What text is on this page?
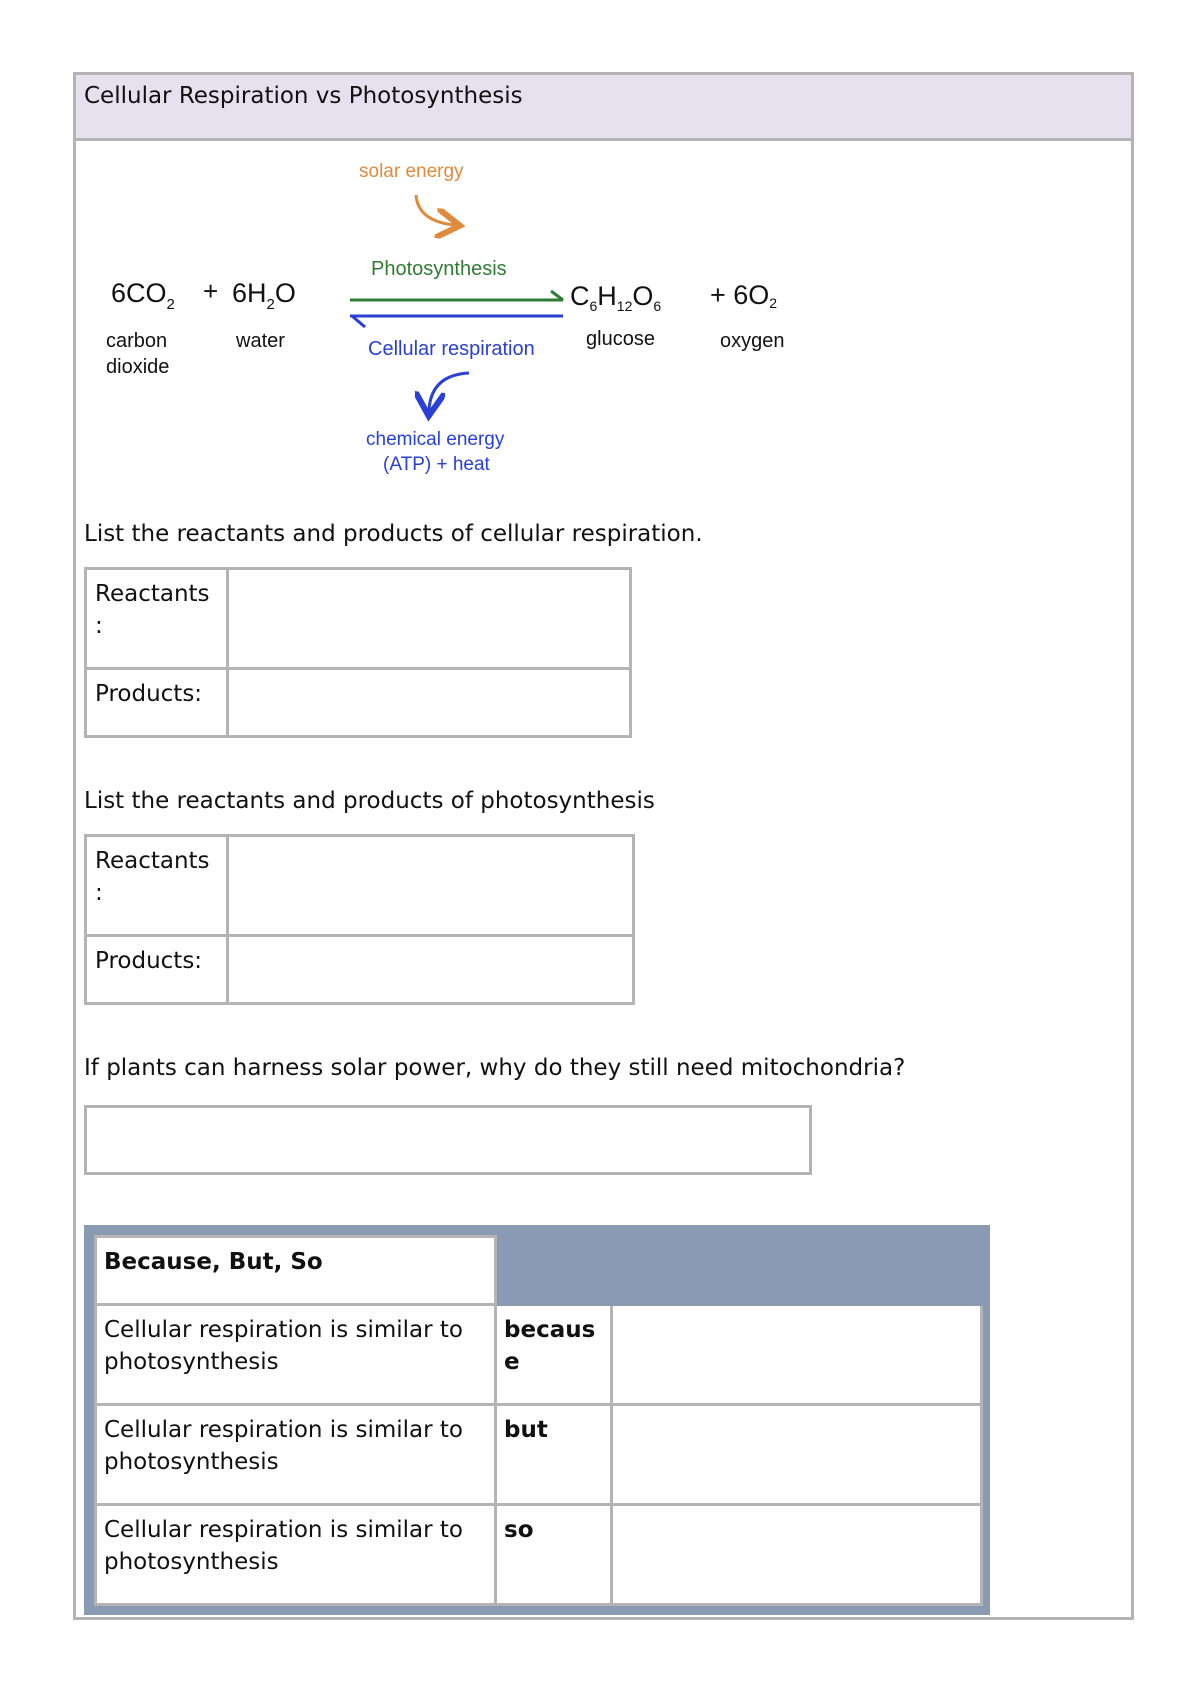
Cellular Respiration vs Photosynthesis
solar energy
Photosynthesis
Cellular respiration
chemical energy
(ATP) + heat
$6CO_2 + 6H_2O$	$C_6H_{12}O_6 + 6O2$
carbon
dioxide
water	glucose	oxygen
List the reactants and products of cellular respiration.
Reactants
:	
Products:	
List the reactants and products of photosynthesis
Reactants
:	
Products:	
If plants can harness solar power, why do they still need mitochondria?
Because, But, So		
Cellular respiration is similar to photosynthesis	becaus
e	
Cellular respiration is similar to photosynthesis	but	
Cellular respiration is similar to photosynthesis	so	
